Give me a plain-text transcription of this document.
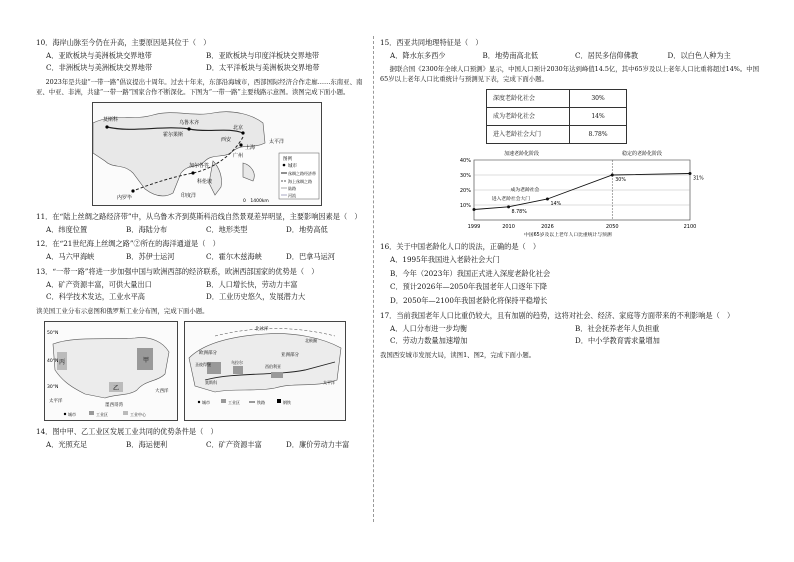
10．海岸山脉至今仍在升高，主要原因是其位于（　）
A．亚欧板块与美洲板块交界地带	B．亚欧板块与印度洋板块交界地带
C．非洲板块与美洲板块交界地带	D．太平洋板块与美洲板块交界地带
2023年是共建“一带一路”倡议提出十周年。过去十年来，东部沿海城市，西部国际经济合作走廊……东南亚、南亚、中亚、非洲，共建“一带一路”国家合作不断深化。下图为“一带一路”主要线路示意图。读图完成下面小题。
莫斯科	乌鲁木齐
霍尔果斯
北京
西安
上海
广州
加尔各答
科伦坡
内罗毕
太平洋
印度洋
图例
城市
丝绸之路经济带
海上丝绸之路
陆路
河流
0　1400km
11．在“陆上丝绸之路经济带”中，从乌鲁木齐到莫斯科沿线自然景观差异明显，主要影响因素是（　）
A．纬度位置	B．海陆分布	C．地形类型	D．地势高低
12．在“21世纪海上丝绸之路”②所在的海洋通道是（　）
A．马六甲海峡	B．苏伊士运河	C．霍尔木兹海峡	D．巴拿马运河
13．“一带一路”将进一步加强中国与欧洲西部的经济联系，欧洲西部国家的优势是（　）
A．矿产资源丰富，可供大量出口	B．人口增长快，劳动力丰富
C．科学技术发达，工业水平高	D．工业历史悠久，发展潜力大
读美国工业分布示意图和俄罗斯工业分布图，完成下面小题。
甲
乙
丙
50°N
40°N
30°N
大西洋
太平洋
墨西哥湾
城市	工业区	工业中心
北冰洋
欧洲部分	亚洲部分
莫斯科
圣彼得堡	乌拉尔
西伯利亚
北极圈
太平洋
城市	工业区	铁路	钢铁
14．图中甲、乙工业区发展工业共同的优势条件是（　）
A．光照充足	B．海运便利	C．矿产资源丰富	D．廉价劳动力丰富
15．西亚共同地理特征是（　）
A．降水东多西少	B．地势南高北低	C．居民多信仰佛教	D．以白色人种为主
据联合国《2300年全球人口预测》显示，中国人口预计2030年达到峰值14.5亿，其中65岁及以上老年人口比重将超过14%。中国65岁以上老年人口比重统计与预测见下表，完成下面小题。
深度老龄化社会	30%
成为老龄化社会	14%
进入老龄社会大门	8.78%
加速老龄化阶段	稳定的老龄化阶段
10%
20%
30%
40%
1999	2010	2026	2050	2100
8.78%
14%
30%	31%
成为老龄社会
进入老龄社会大门
中国65岁及以上老年人口比重统计与预测
16．关于中国老龄化人口的说法，正确的是（　）
A．1995年我国进入老龄社会大门
B．今年（2023年）我国正式进入深度老龄化社会
C．预计2026年—2050年我国老年人口逐年下降
D．2050年—2100年我国老龄化将保持平稳增长
17．当前我国老年人口比重仍较大，且有加剧的趋势，这将对社会、经济、家庭等方面带来的不利影响是（　）
A．人口分布进一步均衡	B．社会抚养老年人负担重
C．劳动力数量加速增加	D．中小学教育需求量增加
我国西安城市发展大局，读图1、图2，完成下面小题。
